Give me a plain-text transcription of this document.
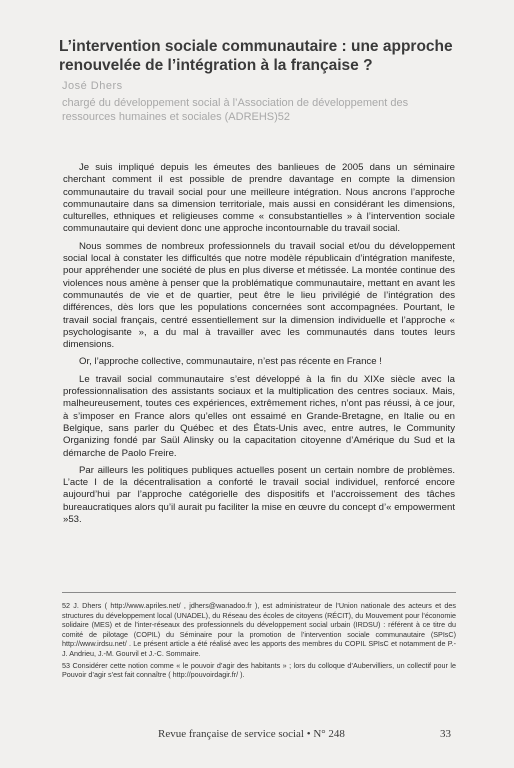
L’intervention sociale communautaire : une approche renouvelée de l’intégration à la française ?
José Dhers
chargé du développement social à l’Association de développement des ressources humaines et sociales (ADREHS)52

Je suis impliqué depuis les émeutes des banlieues de 2005 dans un séminaire cherchant comment il est possible de prendre davantage en compte la dimension communautaire du travail social pour une meilleure intégration. Nous ancrons l’approche communautaire dans sa dimension territoriale, mais aussi en considérant les dimensions, culturelles, ethniques et religieuses comme « consubstantielles » à l’intervention sociale communautaire qui devient donc une approche incontournable du travail social.

Nous sommes de nombreux professionnels du travail social et/ou du développement social local à constater les difficultés que notre modèle républicain d’intégration manifeste, pour appréhender une société de plus en plus diverse et métissée. La montée continue des violences nous amène à penser que la problématique communautaire, mettant en avant les communautés de vie et de quartier, peut être le lieu privilégié de l’intégration des différences, dès lors que les populations concernées sont accompagnées. Pourtant, le travail social français, centré essentiellement sur la dimension individuelle et l’approche « psychologisante », a du mal à travailler avec les communautés dans toutes leurs dimensions.

Or, l’approche collective, communautaire, n’est pas récente en France !

Le travail social communautaire s’est développé à la fin du XIXe siècle avec la professionnalisation des assistants sociaux et la multiplication des centres sociaux. Mais, malheureusement, toutes ces expériences, extrêmement riches, n’ont pas réussi, à ce jour, à s’imposer en France alors qu’elles ont essaimé en Grande-Bretagne, en Italie ou en Belgique, sans parler du Québec et des États-Unis avec, entre autres, le Community Organizing fondé par Saül Alinsky ou la capacitation citoyenne d’Amérique du Sud et la démarche de Paolo Freire.

Par ailleurs les politiques publiques actuelles posent un certain nombre de problèmes. L’acte I de la décentralisation a conforté le travail social individuel, renforcé encore aujourd’hui par l’approche catégorielle des dispositifs et l’accroissement des tâches bureaucratiques alors qu’il aurait pu faciliter la mise en œuvre du concept d’« empowerment »53.

52 J. Dhers ( http://www.apriles.net/ , jdhers@wanadoo.fr ), est administrateur de l’Union nationale des acteurs et des structures du développement local (UNADEL), du Réseau des écoles de citoyens (RÉCIT), du Mouvement pour l’économie solidaire (MES) et de l’inter-réseaux des professionnels du développement social urbain (IRDSU) : référent à ce titre du comité de pilotage (COPIL) du Séminaire pour la promotion de l’intervention sociale communautaire (SPIsC) http://www.irdsu.net/ . Le présent article a été réalisé avec les apports des membres du COPIL SPIsC et notamment de P.-J. Andrieu, J.-M. Gourvil et J.-C. Sommaire.

53 Considérer cette notion comme « le pouvoir d’agir des habitants » ; lors du colloque d’Aubervilliers, un collectif pour le Pouvoir d’agir s’est fait connaître ( http://pouvoirdagir.fr/ ).

Revue française de service social • N° 248	33
